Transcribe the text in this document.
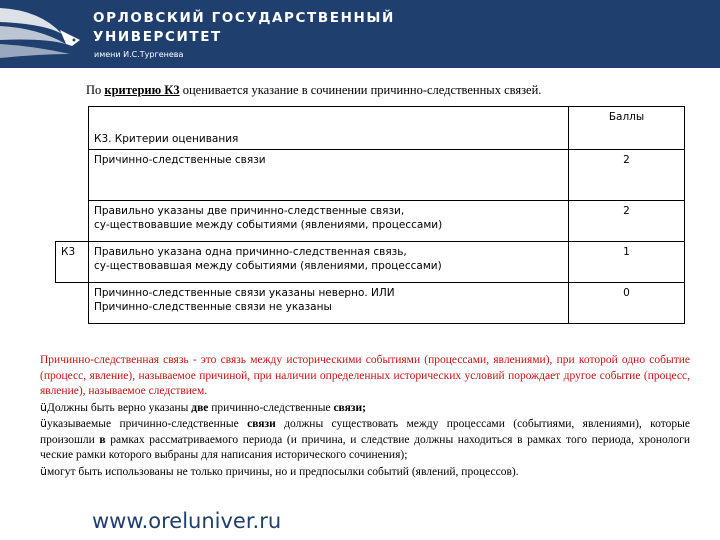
ОРЛОВСКИЙ ГОСУДАРСТВЕННЫЙ
УНИВЕРСИТЕТ
имени И.С.Тургенева
По критерию К3 оценивается указание в сочинении причинно-следственных связей.
	К3. Критерии оценивания	Баллы
	Причинно-следственные связи	2
	Правильно указаны две причинно-следственные связи,
су-ществовавшие между событиями (явлениями, процессами)	2
К3	Правильно указана одна причинно-следственная связь,
су-ществовавшая между событиями (явлениями, процессами)	1
	Причинно-следственные связи указаны неверно. ИЛИ
Причинно-следственные связи не указаны	0

Причинно-следственная связь - это связь между историческими событиями (процессами, явлениями), при которой одно событие (процесс, явление), называемое причиной, при наличии определенных исторических условий порождает другое событие (процесс, явление), называемое следствием.

üДолжны быть верно указаны две причинно-следственные связи;

üуказываемые причинно-следственные связи должны существовать между процессами (событиями, явлениями), которые произошли в рамках рассматриваемого периода (и причина, и следствие должны находиться в рамках того периода, хронологи ческие рамки которого выбраны для написания исторического сочинения);

üмогут быть использованы не только причины, но и предпосылки событий (явлений, процессов).

www.oreluniver.ru
